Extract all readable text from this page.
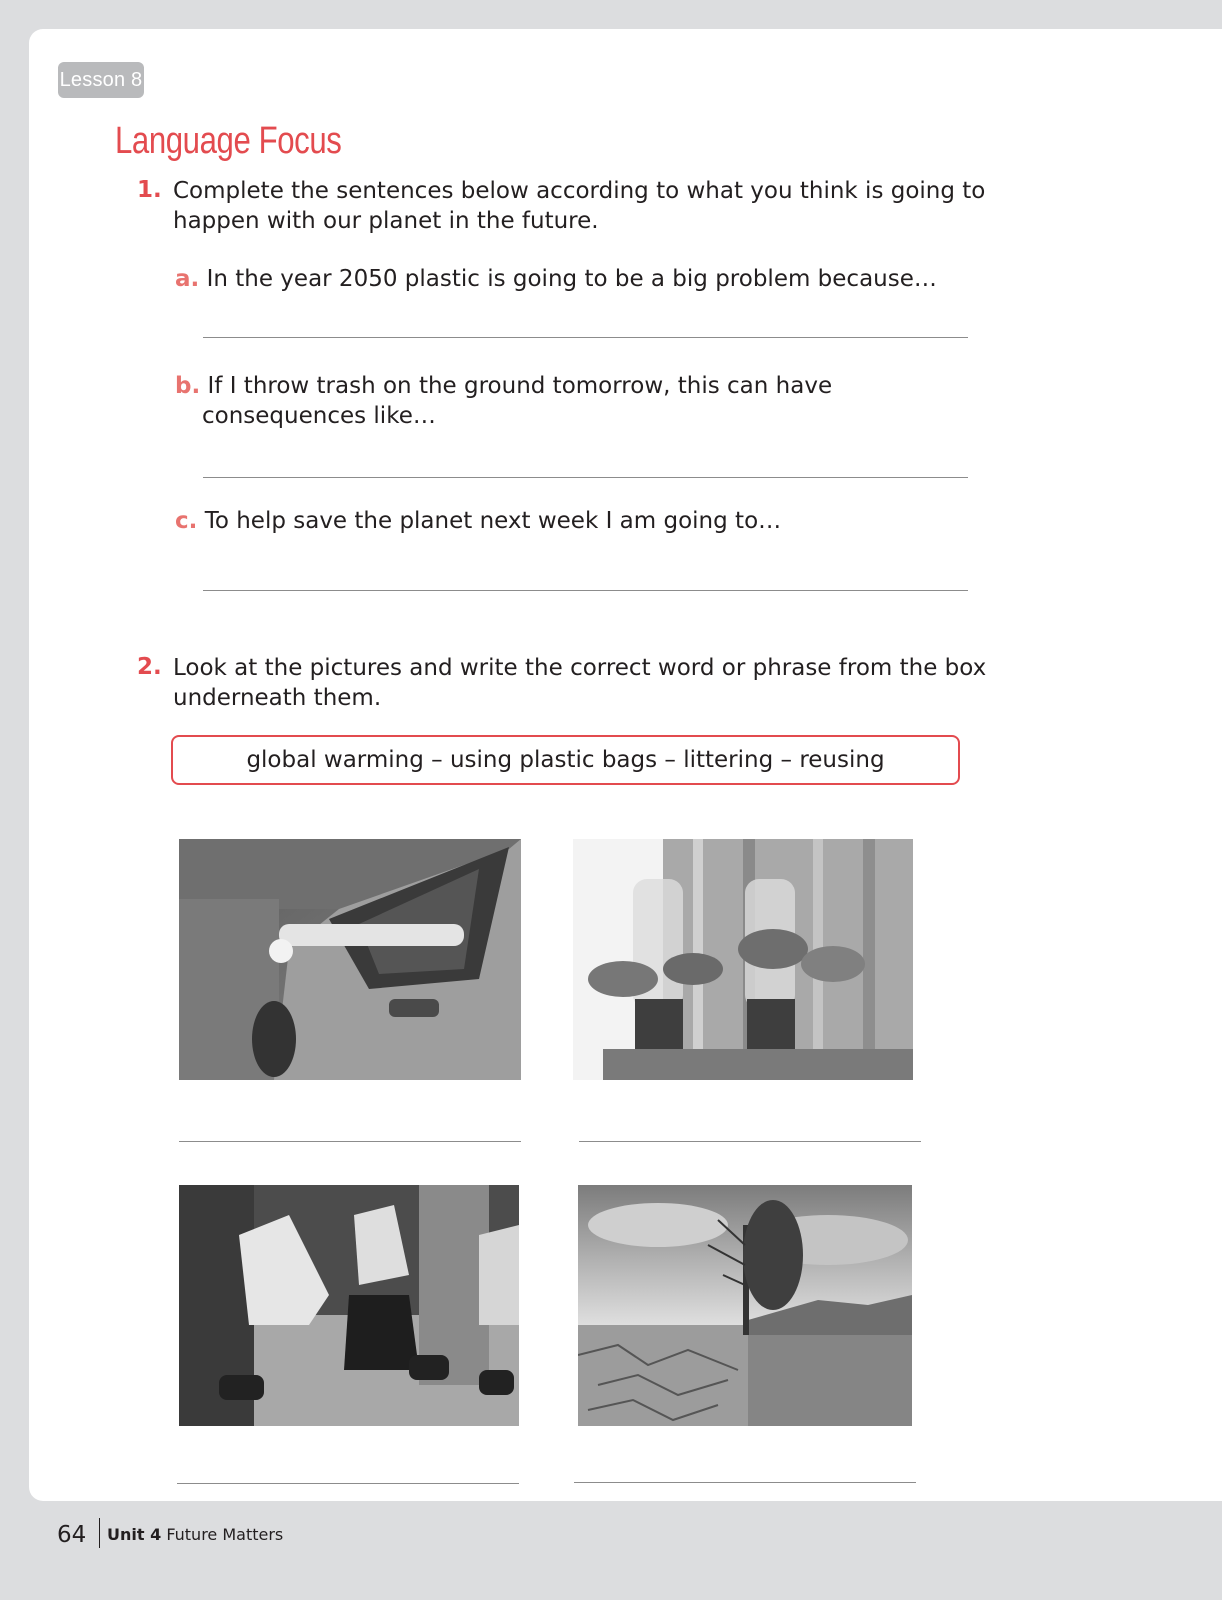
Lesson 8
Language Focus
1. Complete the sentences below according to what you think is going to
happen with our planet in the future.
a. In the year 2050 plastic is going to be a big problem because…
b. If I throw trash on the ground tomorrow, this can have
consequences like…
c. To help save the planet next week I am going to…
2. Look at the pictures and write the correct word or phrase from the box
underneath them.
global warming – using plastic bags – littering – reusing
64 Unit 4 Future Matters
